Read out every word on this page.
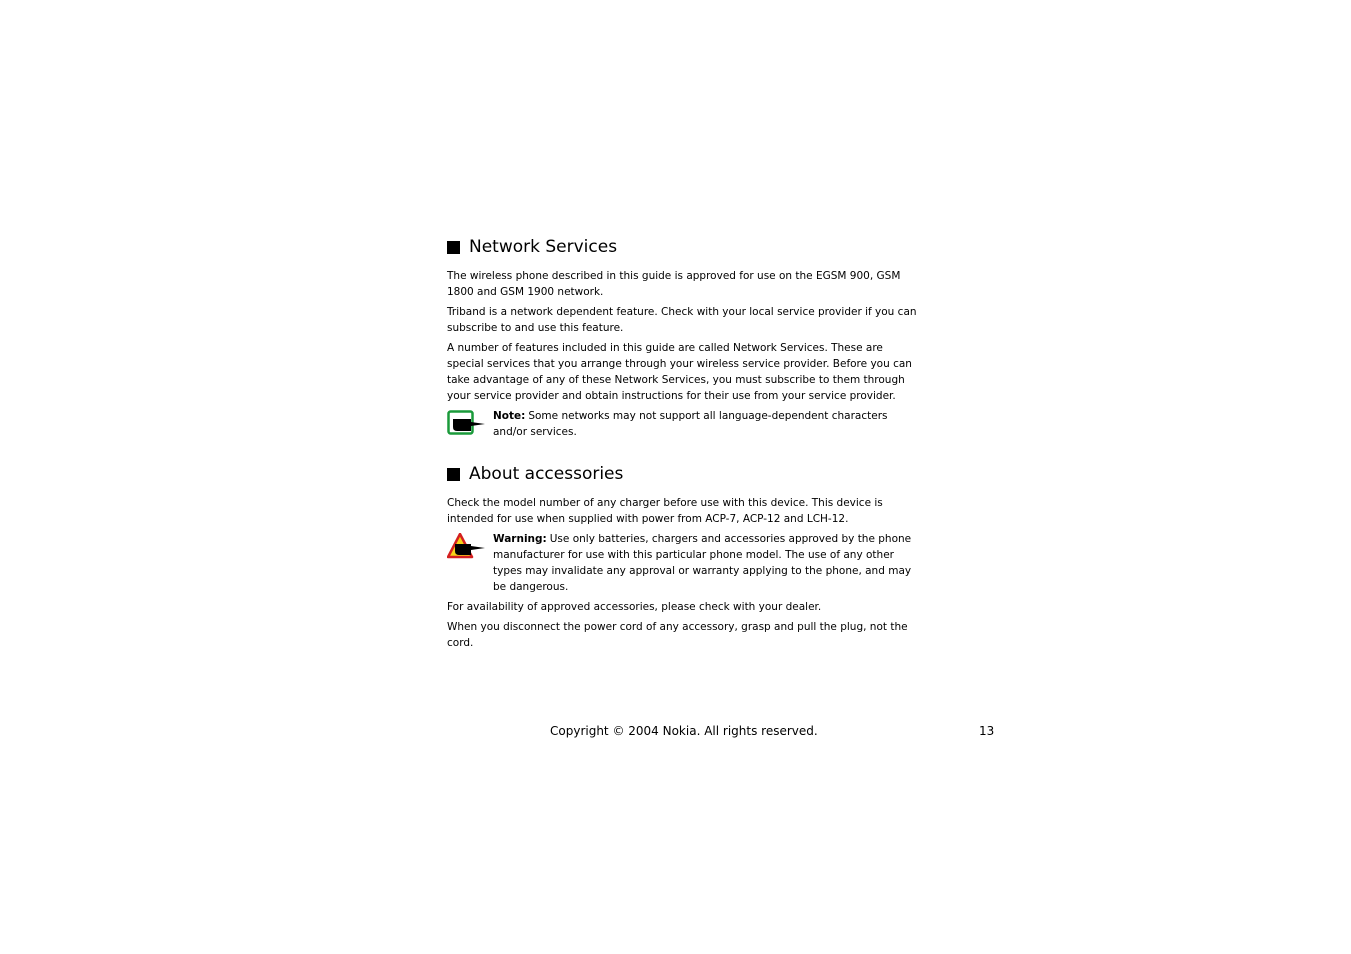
Network Services

The wireless phone described in this guide is approved for use on the EGSM 900, GSM 1800 and GSM 1900 network.

Triband is a network dependent feature. Check with your local service provider if you can subscribe to and use this feature.

A number of features included in this guide are called Network Services. These are special services that you arrange through your wireless service provider. Before you can take advantage of any of these Network Services, you must subscribe to them through your service provider and obtain instructions for their use from your service provider.

Note: Some networks may not support all language-dependent characters and/or services.
About accessories

Check the model number of any charger before use with this device. This device is intended for use when supplied with power from ACP-7, ACP-12 and LCH-12.

Warning: Use only batteries, chargers and accessories approved by the phone manufacturer for use with this particular phone model. The use of any other types may invalidate any approval or warranty applying to the phone, and may be dangerous.

For availability of approved accessories, please check with your dealer.

When you disconnect the power cord of any accessory, grasp and pull the plug, not the cord.

Copyright © 2004 Nokia. All rights reserved.	13
